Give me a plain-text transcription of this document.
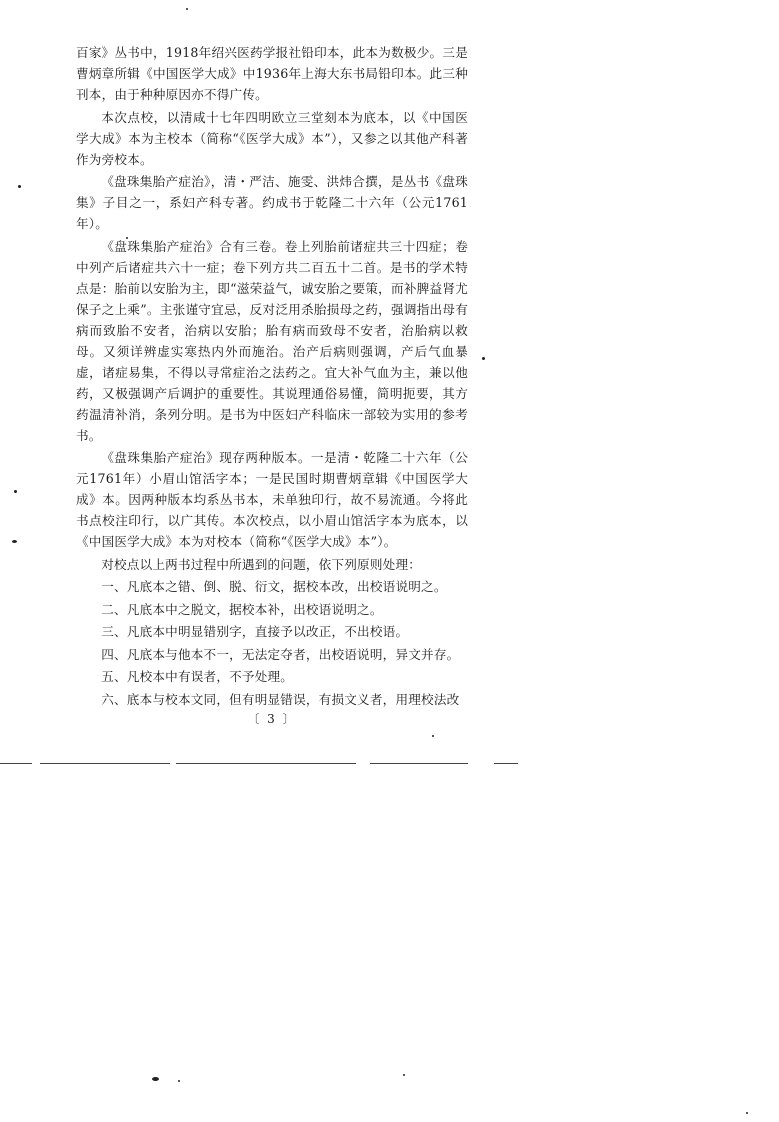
百家》丛书中，1918年绍兴医药学报社铅印本，此本为数极少。三是曹炳章所辑《中国医学大成》中1936年上海大东书局铅印本。此三种刊本，由于种种原因亦不得广传。

本次点校，以清咸十七年四明欧立三堂刻本为底本，以《中国医学大成》本为主校本（简称“《医学大成》本”），又参之以其他产科著作为旁校本。

《盘珠集胎产症治》，清・严洁、施雯、洪炜合撰，是丛书《盘珠集》子目之一，系妇产科专著。约成书于乾隆二十六年（公元1761年）。

《盘珠集胎产症治》合有三卷。卷上列胎前诸症共三十四症；卷中列产后诸症共六十一症；卷下列方共二百五十二首。是书的学术特点是：胎前以安胎为主，即“滋荣益气，诚安胎之要策，而补脾益肾尤保子之上乘”。主张谨守宜忌，反对泛用杀胎损母之药，强调指出母有病而致胎不安者，治病以安胎；胎有病而致母不安者，治胎病以救母。又须详辨虚实寒热内外而施治。治产后病则强调，产后气血暴虚，诸症易集，不得以寻常症治之法药之。宜大补气血为主，兼以他药，又极强调产后调护的重要性。其说理通俗易懂，简明扼要，其方药温清补消，条列分明。是书为中医妇产科临床一部较为实用的参考书。

《盘珠集胎产症治》现存两种版本。一是清・乾隆二十六年（公元1761年）小眉山馆活字本；一是民国时期曹炳章辑《中国医学大成》本。因两种版本均系丛书本，未单独印行，故不易流通。今将此书点校注印行，以广其传。本次校点，以小眉山馆活字本为底本，以《中国医学大成》本为对校本（简称“《医学大成》本”）。

对校点以上两书过程中所遇到的问题，依下列原则处理：

一、凡底本之错、倒、脱、衍文，据校本改，出校语说明之。

二、凡底本中之脱文，据校本补，出校语说明之。

三、凡底本中明显错别字，直接予以改正，不出校语。

四、凡底本与他本不一，无法定夺者，出校语说明，异文并存。

五、凡校本中有误者，不予处理。

六、底本与校本文同，但有明显错误，有损文义者，用理校法改

〔 3 〕
